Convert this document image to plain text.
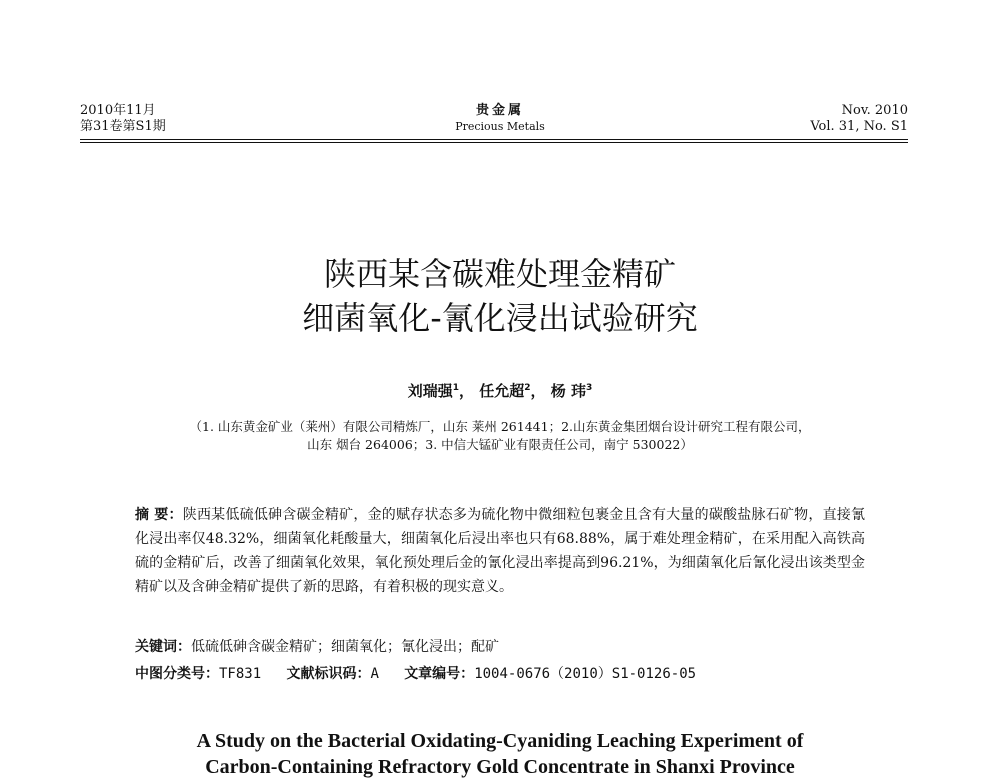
2010年11月
第31卷第S1期
贵金属
Precious Metals
Nov. 2010
Vol. 31, No. S1
陕西某含碳难处理金精矿
细菌氧化-氰化浸出试验研究
刘瑞强$^1$， 任允超$^2$， 杨 玮$^3$
（1. 山东黄金矿业（莱州）有限公司精炼厂，山东 莱州 261441；2.山东黄金集团烟台设计研究工程有限公司，
山东 烟台 264006；3. 中信大锰矿业有限责任公司，南宁 530022）
摘 要：陕西某低硫低砷含碳金精矿，金的赋存状态多为硫化物中微细粒包裹金且含有大量的碳酸盐脉石矿物，直接氰化浸出率仅48.32%，细菌氧化耗酸量大，细菌氧化后浸出率也只有68.88%，属于难处理金精矿，在采用配入高铁高硫的金精矿后，改善了细菌氧化效果，氧化预处理后金的氰化浸出率提高到96.21%，为细菌氧化后氰化浸出该类型金精矿以及含砷金精矿提供了新的思路，有着积极的现实意义。
关键词：低硫低砷含碳金精矿；细菌氧化；氰化浸出；配矿
中图分类号：TF831 文献标识码：A 文章编号：1004-0676（2010）S1-0126-05
A Study on the Bacterial Oxidating-Cyaniding Leaching Experiment of
Carbon-Containing Refractory Gold Concentrate in Shanxi Province
